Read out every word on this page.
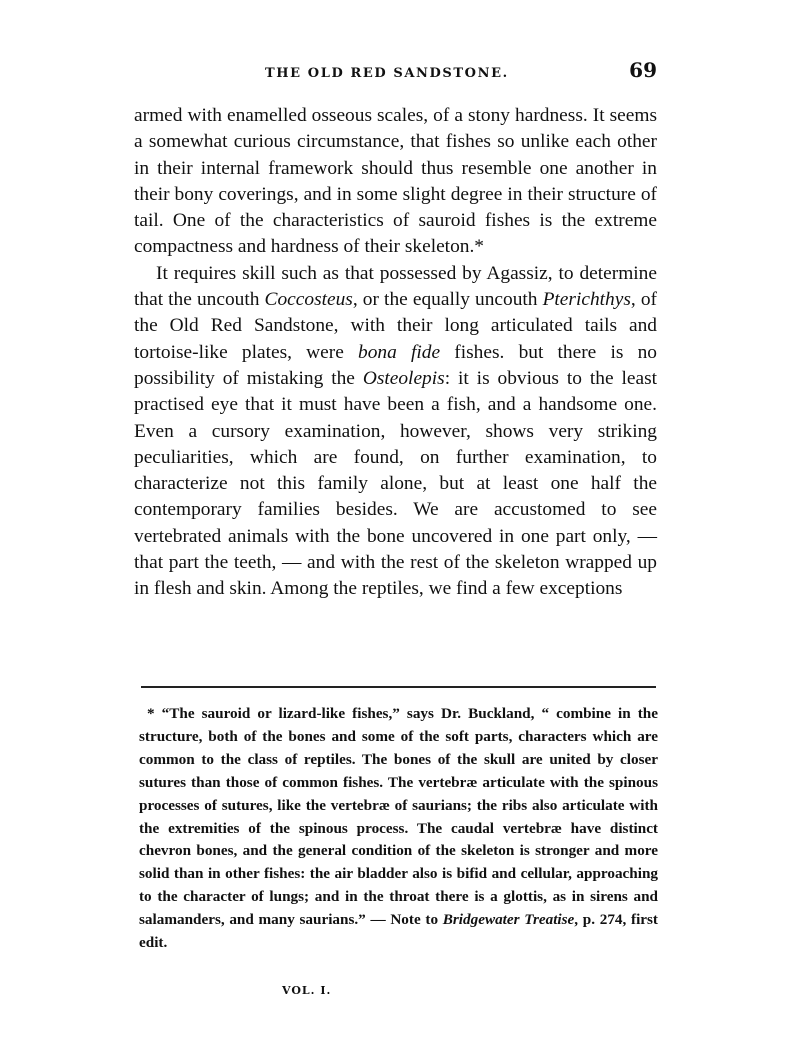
THE OLD RED SANDSTONE.	69

armed with enamelled osseous scales, of a stony hardness. It seems a somewhat curious circumstance, that fishes so unlike each other in their internal framework should thus resemble one another in their bony coverings, and in some slight degree in their structure of tail. One of the characteristics of sauroid fishes is the extreme compactness and hardness of their skeleton.*

It requires skill such as that possessed by Agassiz, to determine that the uncouth Coccosteus, or the equally uncouth Pterichthys, of the Old Red Sandstone, with their long articulated tails and tortoise-like plates, were bona fide fishes. but there is no possibility of mistaking the Osteolepis: it is obvious to the least practised eye that it must have been a fish, and a handsome one. Even a cursory examination, however, shows very striking peculiarities, which are found, on further examination, to characterize not this family alone, but at least one half the contemporary families besides. We are accustomed to see vertebrated animals with the bone uncovered in one part only, — that part the teeth, — and with the rest of the skeleton wrapped up in flesh and skin. Among the reptiles, we find a few exceptions

* “The sauroid or lizard-like fishes,” says Dr. Buckland, “ combine in the structure, both of the bones and some of the soft parts, characters which are common to the class of reptiles. The bones of the skull are united by closer sutures than those of common fishes. The vertebræ articulate with the spinous processes of sutures, like the vertebræ of saurians; the ribs also articulate with the extremities of the spinous process. The caudal vertebræ have distinct chevron bones, and the general condition of the skeleton is stronger and more solid than in other fishes: the air bladder also is bifid and cellular, approaching to the character of lungs; and in the throat there is a glottis, as in sirens and salamanders, and many saurians.” — Note to Bridgewater Treatise, p. 274, first edit.

VOL. I.
